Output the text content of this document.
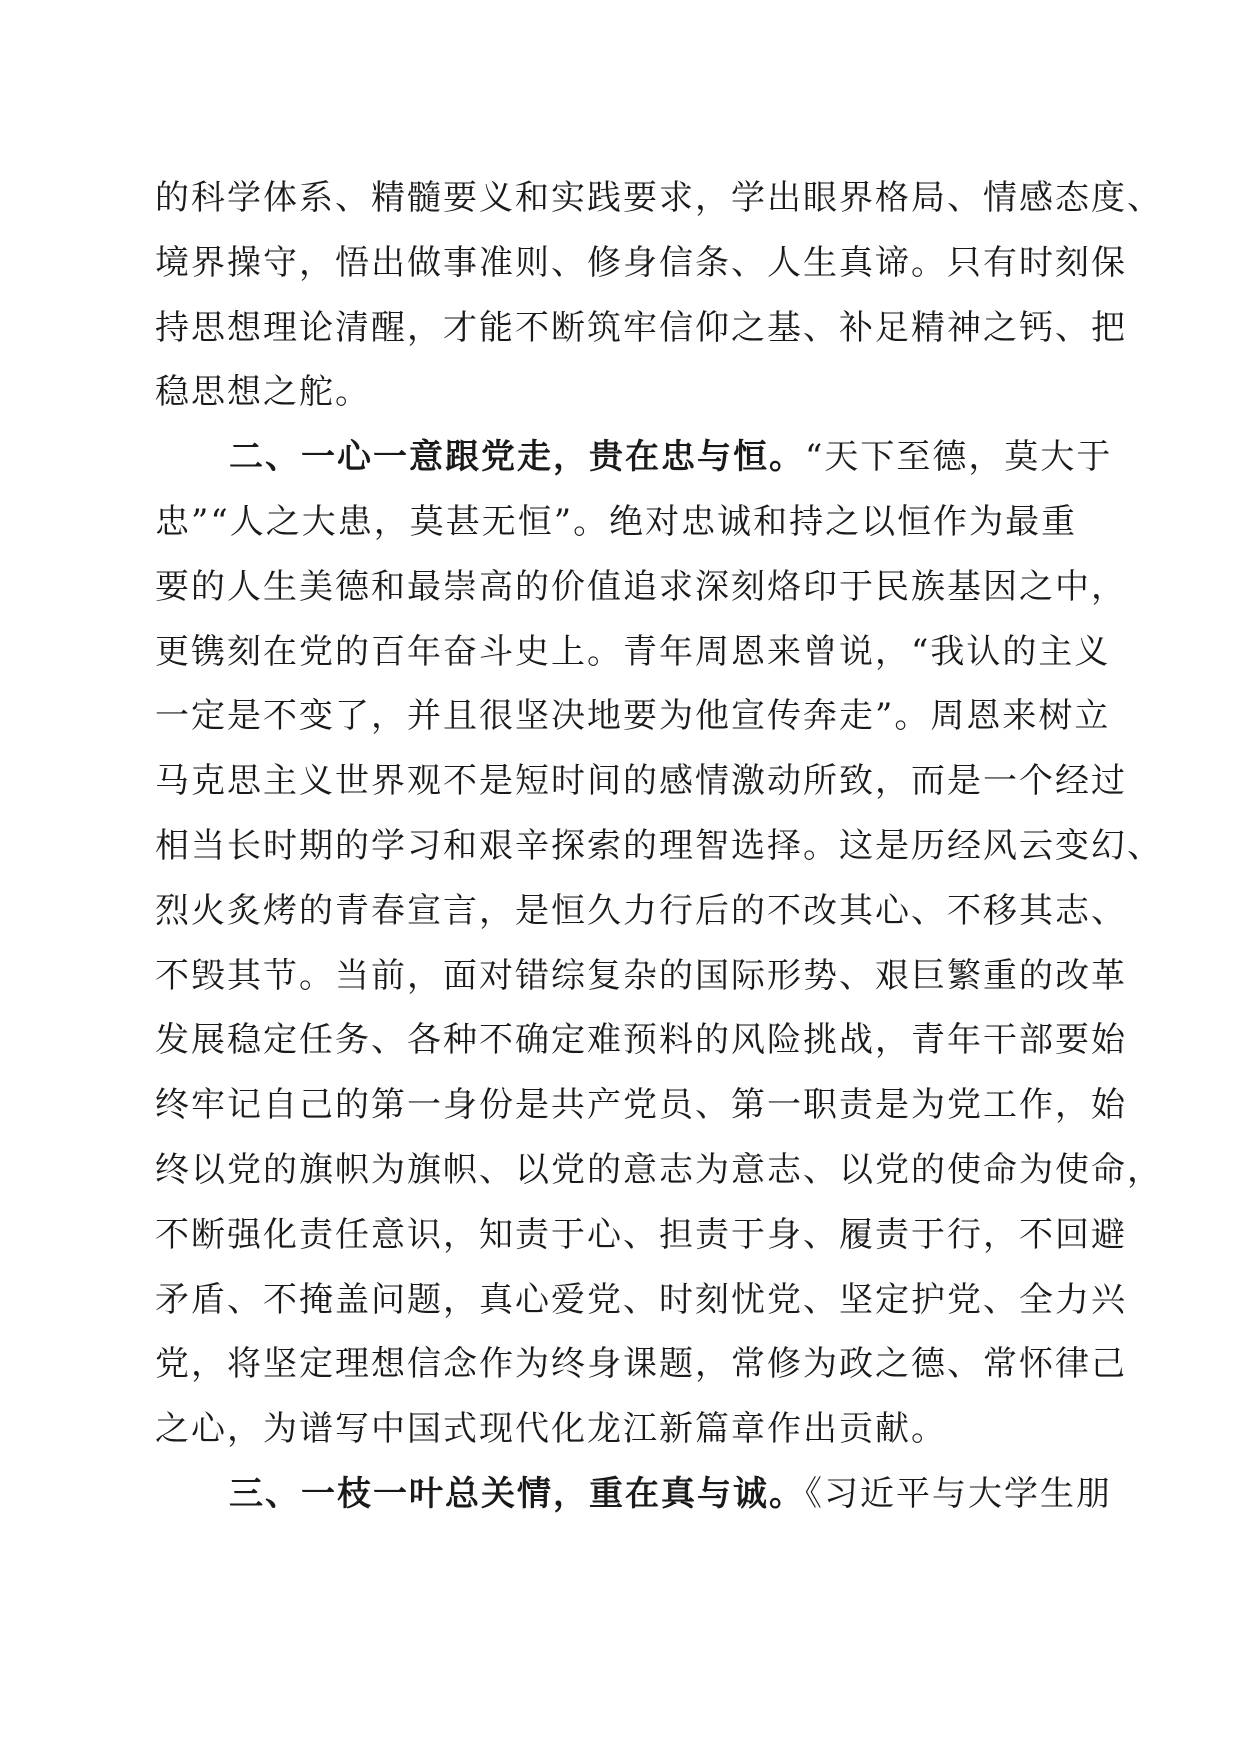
的科学体系、精髓要义和实践要求，学出眼界格局、情感态度、
境界操守，悟出做事准则、修身信条、人生真谛。只有时刻保
持思想理论清醒，才能不断筑牢信仰之基、补足精神之钙、把
稳思想之舵。
二、一心一意跟党走，贵在忠与恒。“天下至德，莫大于
忠”“人之大患，莫甚无恒”。绝对忠诚和持之以恒作为最重
要的人生美德和最崇高的价值追求深刻烙印于民族基因之中，
更镌刻在党的百年奋斗史上。青年周恩来曾说，“我认的主义
一定是不变了，并且很坚决地要为他宣传奔走”。周恩来树立
马克思主义世界观不是短时间的感情激动所致，而是一个经过
相当长时期的学习和艰辛探索的理智选择。这是历经风云变幻、
烈火炙烤的青春宣言，是恒久力行后的不改其心、不移其志、
不毁其节。当前，面对错综复杂的国际形势、艰巨繁重的改革
发展稳定任务、各种不确定难预料的风险挑战，青年干部要始
终牢记自己的第一身份是共产党员、第一职责是为党工作，始
终以党的旗帜为旗帜、以党的意志为意志、以党的使命为使命，
不断强化责任意识，知责于心、担责于身、履责于行，不回避
矛盾、不掩盖问题，真心爱党、时刻忧党、坚定护党、全力兴
党，将坚定理想信念作为终身课题，常修为政之德、常怀律己
之心，为谱写中国式现代化龙江新篇章作出贡献。
三、一枝一叶总关情，重在真与诚。《习近平与大学生朋
